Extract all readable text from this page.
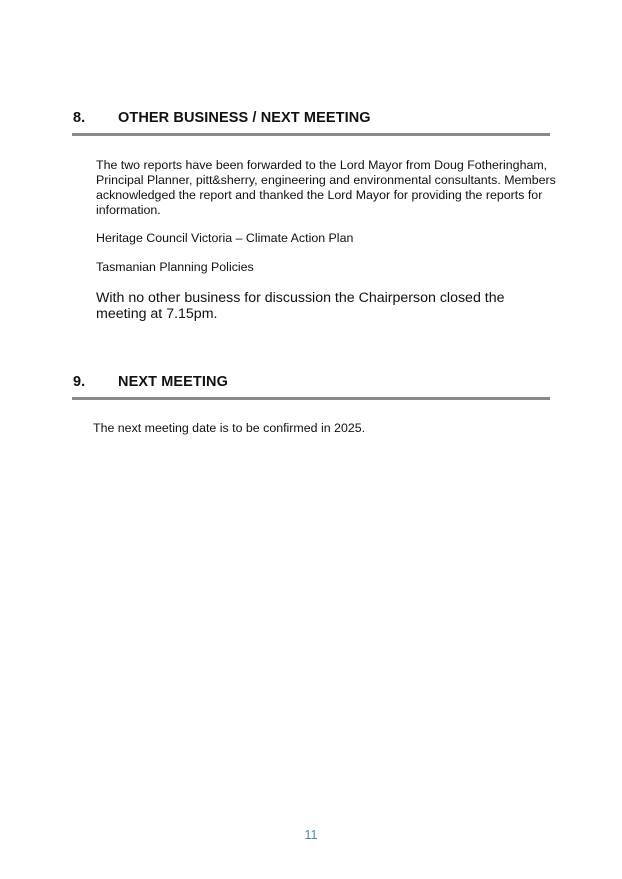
8. OTHER BUSINESS / NEXT MEETING

The two reports have been forwarded to the Lord Mayor from Doug Fotheringham, Principal Planner, pitt&sherry, engineering and environmental consultants. Members acknowledged the report and thanked the Lord Mayor for providing the reports for information.

Heritage Council Victoria – Climate Action Plan

Tasmanian Planning Policies

With no other business for discussion the Chairperson closed the meeting at 7.15pm.

9. NEXT MEETING

The next meeting date is to be confirmed in 2025.

11
